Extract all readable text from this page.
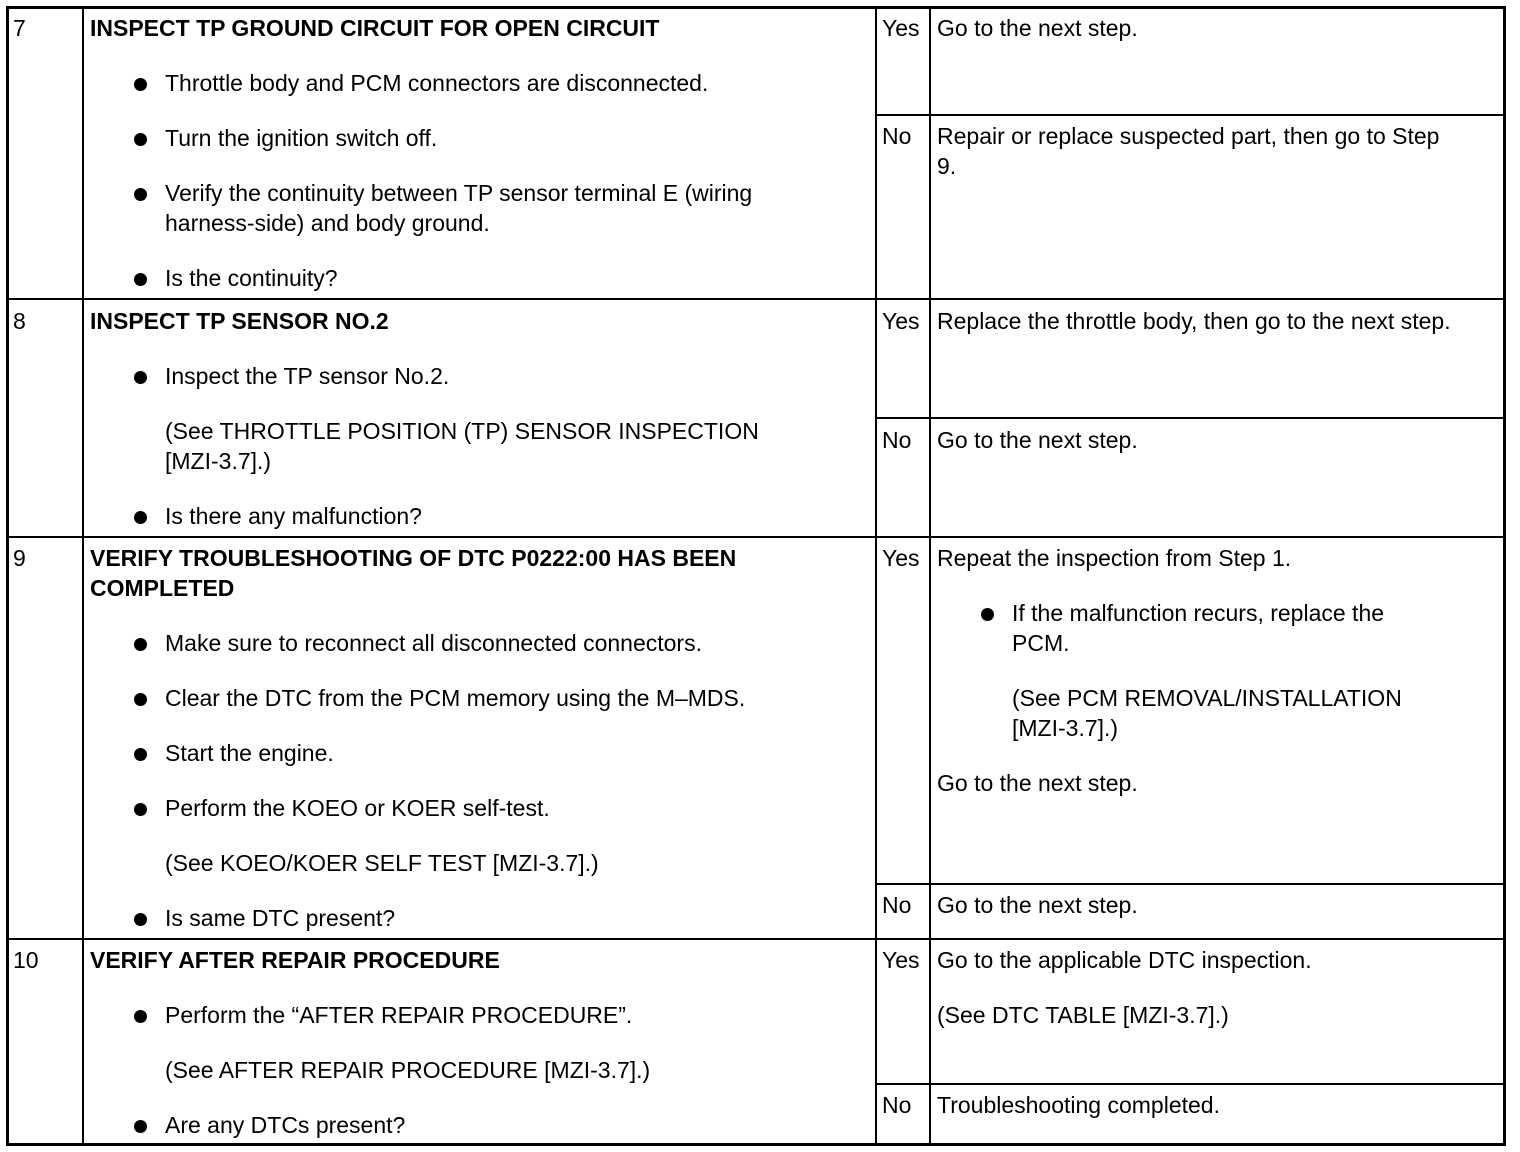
7	INSPECT TP GROUND CIRCUIT FOR OPEN CIRCUIT
Throttle body and PCM connectors are disconnected.
Turn the ignition switch off.
Verify the continuity between TP sensor terminal E (wiring
harness-side) and body ground.
Is the continuity?
Yes Go to the next step.
No Repair or replace suspected part, then go to Step
9.
8	INSPECT TP SENSOR NO.2
Inspect the TP sensor No.2.
(See THROTTLE POSITION (TP) SENSOR INSPECTION
[MZI-3.7].)
Is there any malfunction?
Yes Replace the throttle body, then go to the next step.
No Go to the next step.
9	VERIFY TROUBLESHOOTING OF DTC P0222:00 HAS BEEN
COMPLETED
Make sure to reconnect all disconnected connectors.
Clear the DTC from the PCM memory using the M–MDS.
Start the engine.
Perform the KOEO or KOER self-test.
(See KOEO/KOER SELF TEST [MZI-3.7].)
Is same DTC present?
Yes Repeat the inspection from Step 1.
If the malfunction recurs, replace the
PCM.
(See PCM REMOVAL/INSTALLATION
[MZI-3.7].)
Go to the next step.
No Go to the next step.
10 VERIFY AFTER REPAIR PROCEDURE
Perform the “AFTER REPAIR PROCEDURE”.
(See AFTER REPAIR PROCEDURE [MZI-3.7].)
Are any DTCs present?
Yes Go to the applicable DTC inspection.
(See DTC TABLE [MZI-3.7].)
No Troubleshooting completed.
